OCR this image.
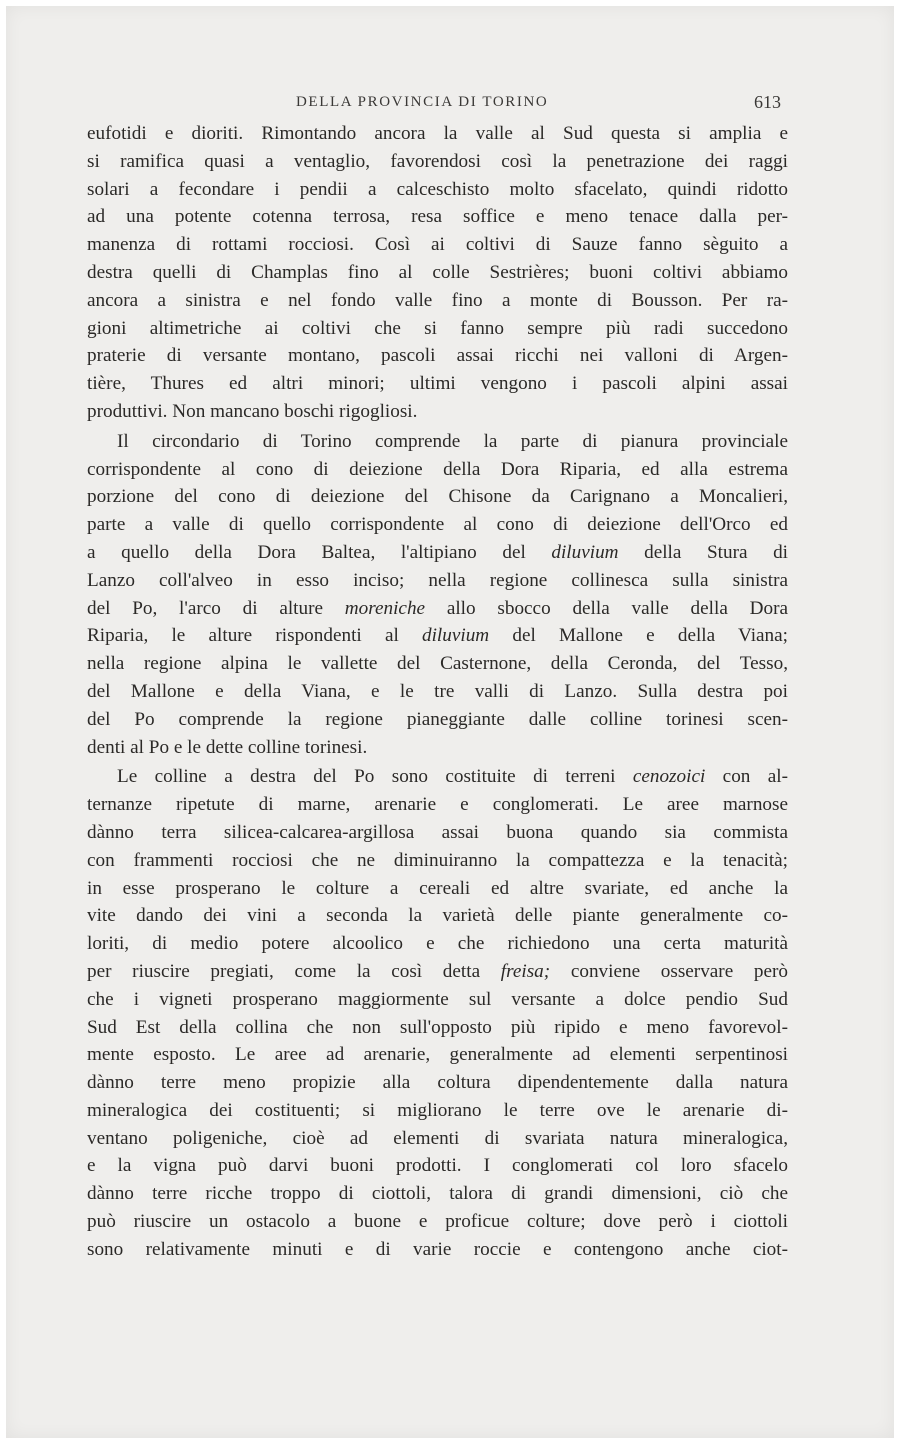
DELLA PROVINCIA DI TORINO	613
eufotidi e dioriti. Rimontando ancora la valle al Sud questa si amplia e
si ramifica quasi a ventaglio, favorendosi così la penetrazione dei raggi
solari a fecondare i pendii a calceschisto molto sfacelato, quindi ridotto
ad una potente cotenna terrosa, resa soffice e meno tenace dalla per-
manenza di rottami rocciosi. Così ai coltivi di Sauze fanno sèguito a
destra quelli di Champlas fino al colle Sestrières; buoni coltivi abbiamo
ancora a sinistra e nel fondo valle fino a monte di Bousson. Per ra-
gioni altimetriche ai coltivi che si fanno sempre più radi succedono
praterie di versante montano, pascoli assai ricchi nei valloni di Argen-
tière, Thures ed altri minori; ultimi vengono i pascoli alpini assai
produttivi. Non mancano boschi rigogliosi.
Il circondario di Torino comprende la parte di pianura provinciale
corrispondente al cono di deiezione della Dora Riparia, ed alla estrema
porzione del cono di deiezione del Chisone da Carignano a Moncalieri,
parte a valle di quello corrispondente al cono di deiezione dell'Orco ed
a quello della Dora Baltea, l'altipiano del diluvium della Stura di
Lanzo coll'alveo in esso inciso; nella regione collinesca sulla sinistra
del Po, l'arco di alture moreniche allo sbocco della valle della Dora
Riparia, le alture rispondenti al diluvium del Mallone e della Viana;
nella regione alpina le vallette del Casternone, della Ceronda, del Tesso,
del Mallone e della Viana, e le tre valli di Lanzo. Sulla destra poi
del Po comprende la regione pianeggiante dalle colline torinesi scen-
denti al Po e le dette colline torinesi.
Le colline a destra del Po sono costituite di terreni cenozoici con al-
ternanze ripetute di marne, arenarie e conglomerati. Le aree marnose
dànno terra silicea-calcarea-argillosa assai buona quando sia commista
con frammenti rocciosi che ne diminuiranno la compattezza e la tenacità;
in esse prosperano le colture a cereali ed altre svariate, ed anche la
vite dando dei vini a seconda la varietà delle piante generalmente co-
loriti, di medio potere alcoolico e che richiedono una certa maturità
per riuscire pregiati, come la così detta freisa; conviene osservare però
che i vigneti prosperano maggiormente sul versante a dolce pendio Sud
Sud Est della collina che non sull'opposto più ripido e meno favorevol-
mente esposto. Le aree ad arenarie, generalmente ad elementi serpentinosi
dànno terre meno propizie alla coltura dipendentemente dalla natura
mineralogica dei costituenti; si migliorano le terre ove le arenarie di-
ventano poligeniche, cioè ad elementi di svariata natura mineralogica,
e la vigna può darvi buoni prodotti. I conglomerati col loro sfacelo
dànno terre ricche troppo di ciottoli, talora di grandi dimensioni, ciò che
può riuscire un ostacolo a buone e proficue colture; dove però i ciottoli
sono relativamente minuti e di varie roccie e contengono anche ciot-
